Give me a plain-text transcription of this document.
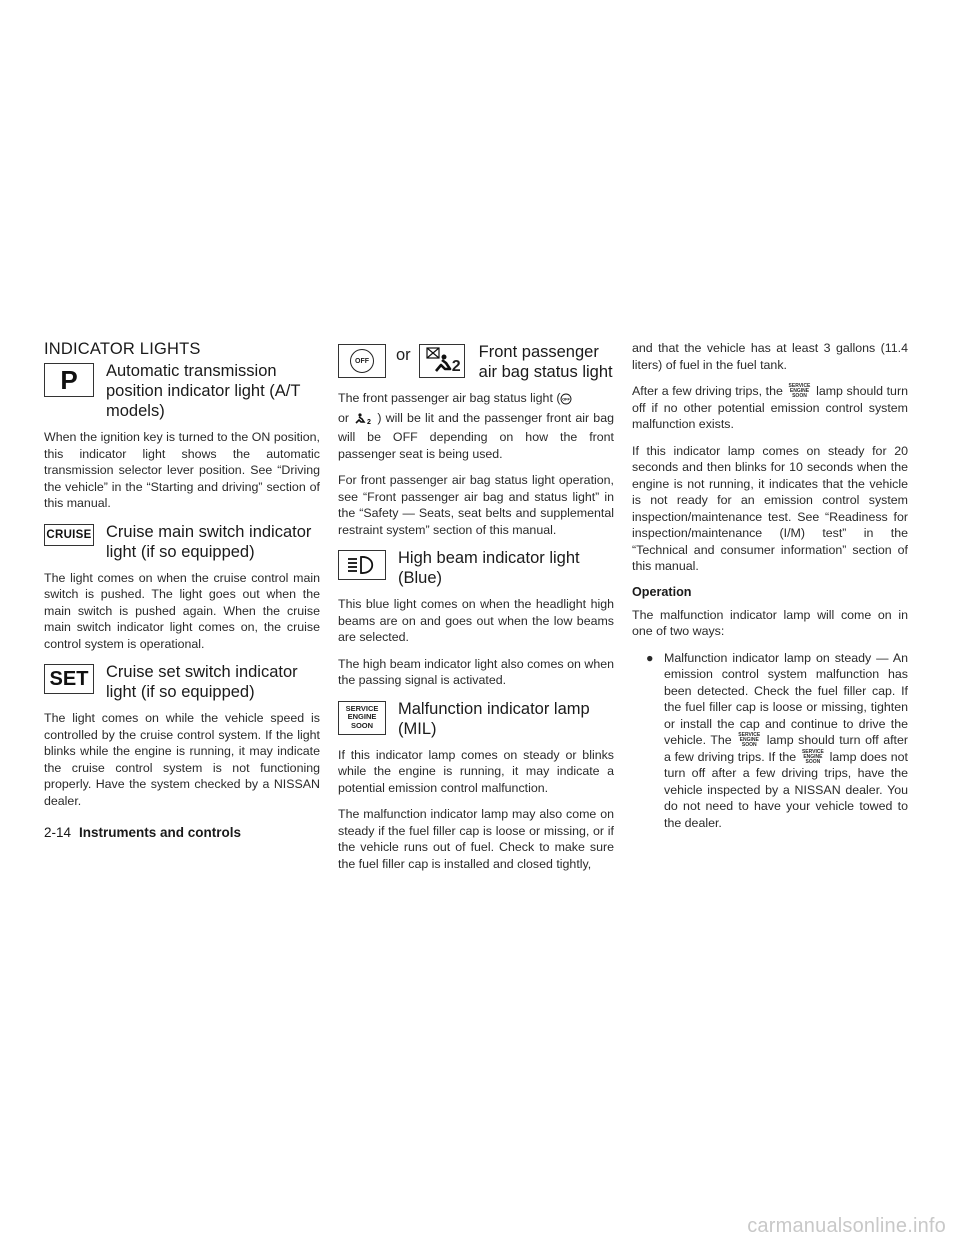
INDICATOR LIGHTS
P Automatic transmission position indicator light (A/T models)

When the ignition key is turned to the ON position, this indicator light shows the automatic transmission selector lever position. See “Driving the vehicle” in the “Starting and driving” section of this manual.

CRUISE Cruise main switch indicator light (if so equipped)

The light comes on when the cruise control main switch is pushed. The light goes out when the main switch is pushed again. When the cruise main switch indicator light comes on, the cruise control system is operational.

SET Cruise set switch indicator light (if so equipped)

The light comes on while the vehicle speed is controlled by the cruise control system. If the light blinks while the engine is running, it may indicate the cruise control system is not functioning properly. Have the system checked by a NISSAN dealer.

OFF or
2
Front passenger air bag status light

The front passenger air bag status light ( OFF

or	2 ) will be lit and the passenger front air bag will be OFF depending on how the front passenger seat is being used.

For front passenger air bag status light operation, see “Front passenger air bag and status light” in the “Safety — Seats, seat belts and supplemental restraint system” section of this manual.

High beam indicator light (Blue)

This blue light comes on when the headlight high beams are on and goes out when the low beams are selected.

The high beam indicator light also comes on when the passing signal is activated.

SERVICE
ENGINE
SOON
Malfunction indicator lamp (MIL)

If this indicator lamp comes on steady or blinks while the engine is running, it may indicate a potential emission control malfunction.

The malfunction indicator lamp may also come on steady if the fuel filler cap is loose or missing, or if the vehicle runs out of fuel. Check to make sure the fuel filler cap is installed and closed tightly,

and that the vehicle has at least 3 gallons (11.4 liters) of fuel in the fuel tank.

After a few driving trips, the SERVICE
ENGINE
SOON lamp should turn off if no other potential emission control system malfunction exists.

If this indicator lamp comes on steady for 20 seconds and then blinks for 10 seconds when the engine is not running, it indicates that the vehicle is not ready for an emission control system inspection/maintenance test. See “Readiness for inspection/maintenance (I/M) test” in the “Technical and consumer information” section of this manual.

Operation

The malfunction indicator lamp will come on in one of two ways:

● Malfunction indicator lamp on steady — An emission control system malfunction has been detected. Check the fuel filler cap. If the fuel filler cap is loose or missing, tighten or install the cap and continue to drive the vehicle. The SERVICE
ENGINE
SOON lamp should turn off after a few driving trips. If the SERVICE
ENGINE
SOON lamp does not turn off after a few driving trips, have the vehicle inspected by a NISSAN dealer. You do not need to have your vehicle towed to the dealer.
2-14 Instruments and controls
carmanualsonline.info
